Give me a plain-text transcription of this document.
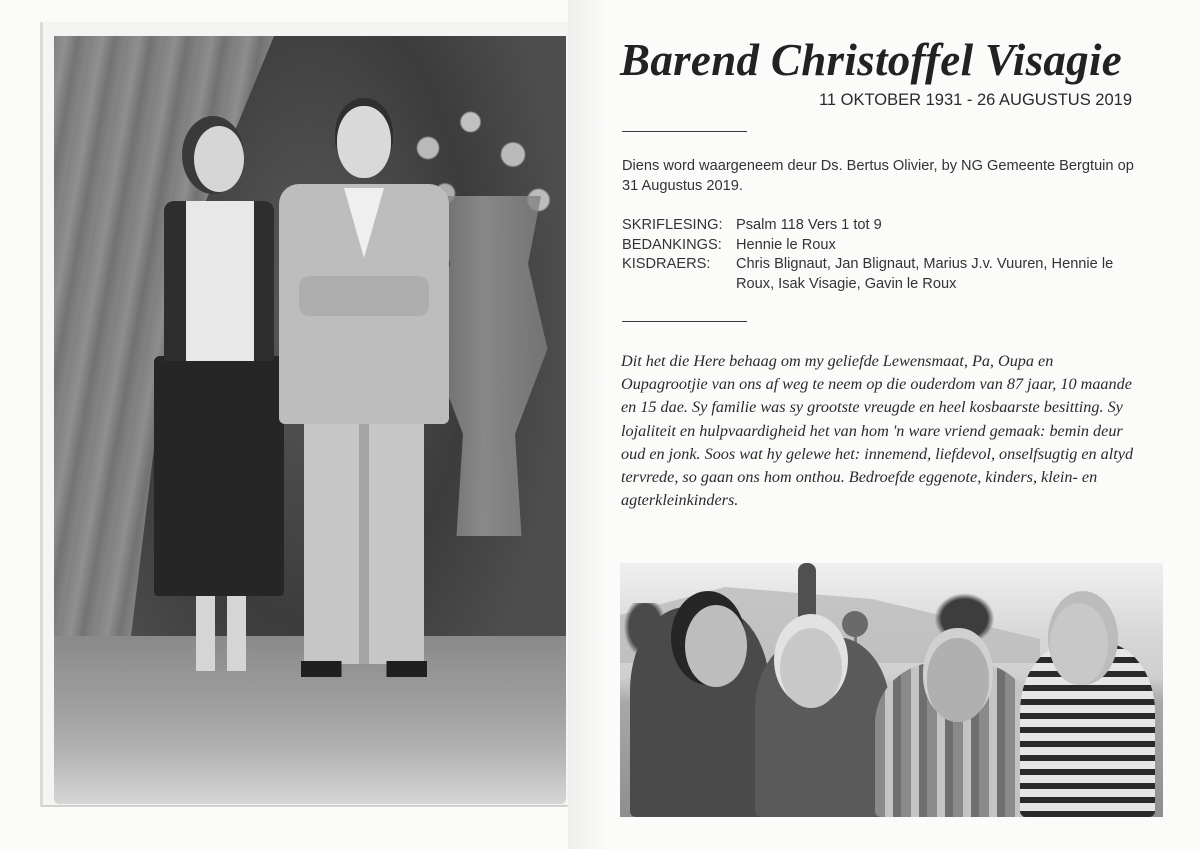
Barend Christoffel Visagie
11 OKTOBER 1931 - 26 AUGUSTUS 2019

Diens word waargeneem deur Ds. Bertus Olivier, by NG Gemeente Bergtuin op 31 Augustus 2019.

SKRIFLESING: Psalm 118 Vers 1 tot 9
BEDANKINGS: Hennie le Roux
KISDRAERS:	Chris Blignaut, Jan Blignaut, Marius J.v. Vuuren, Hennie le Roux, Isak Visagie, Gavin le Roux

Dit het die Here behaag om my geliefde Lewensmaat, Pa, Oupa en Oupagrootjie van ons af weg te neem op die ouderdom van 87 jaar, 10 maande en 15 dae. Sy familie was sy grootste vreugde en heel kosbaarste besitting. Sy lojaliteit en hulpvaardigheid het van hom 'n ware vriend gemaak: bemin deur oud en jonk. Soos wat hy gelewe het: innemend, liefdevol, onselfsugtig en altyd tervrede, so gaan ons hom onthou. Bedroefde eggenote, kinders, klein- en agterkleinkinders.
